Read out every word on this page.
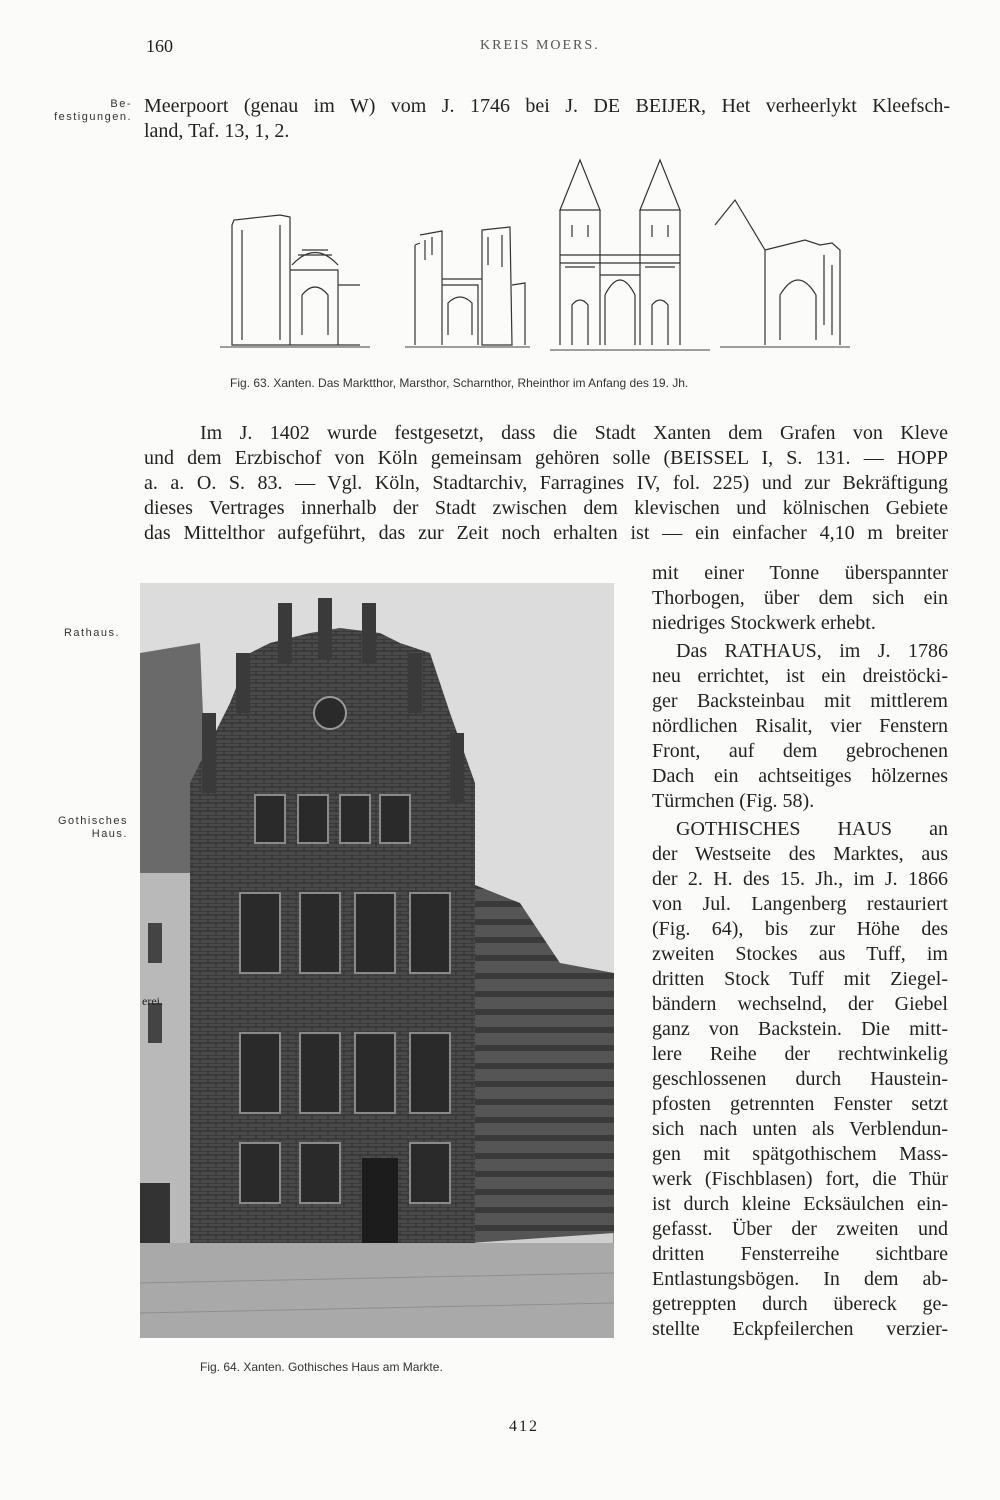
160	KREIS MOERS.
Be-
festigungen.
Rathaus.
Gothisches
Haus.
Meerpoort (genau im W) vom J. 1746 bei J. DE BEIJER, Het verheerlykt Kleefsch-
land, Taf. 13, 1, 2.
Fig. 63. Xanten. Das Marktthor, Marsthor, Scharnthor, Rheinthor im Anfang des 19. Jh.
Im J. 1402 wurde festgesetzt, dass die Stadt Xanten dem Grafen von Kleve
und dem Erzbischof von Köln gemeinsam gehören solle (BEISSEL I, S. 131. — HOPP
a. a. O. S. 83. — Vgl. Köln, Stadtarchiv, Farragines IV, fol. 225) und zur Bekräftigung
dieses Vertrages innerhalb der Stadt zwischen dem klevischen und kölnischen Gebiete
das Mittelthor aufgeführt, das zur Zeit noch erhalten ist — ein einfacher 4,10 m breiter
erei.
Fig. 64. Xanten. Gothisches Haus am Markte.
mit einer Tonne überspannter
Thorbogen, über dem sich ein
niedriges Stockwerk erhebt.
Das RATHAUS, im J. 1786
neu errichtet, ist ein dreistöcki-
ger Backsteinbau mit mittlerem
nördlichen Risalit, vier Fenstern
Front, auf dem gebrochenen
Dach ein achtseitiges hölzernes
Türmchen (Fig. 58).
GOTHISCHES HAUS an
der Westseite des Marktes, aus
der 2. H. des 15. Jh., im J. 1866
von Jul. Langenberg restauriert
(Fig. 64), bis zur Höhe des
zweiten Stockes aus Tuff, im
dritten Stock Tuff mit Ziegel-
bändern wechselnd, der Giebel
ganz von Backstein. Die mitt-
lere Reihe der rechtwinkelig
geschlossenen durch Haustein-
pfosten getrennten Fenster setzt
sich nach unten als Verblendun-
gen mit spätgothischem Mass-
werk (Fischblasen) fort, die Thür
ist durch kleine Ecksäulchen ein-
gefasst. Über der zweiten und
dritten Fensterreihe sichtbare
Entlastungsbögen. In dem ab-
getreppten durch übereck ge-
stellte Eckpfeilerchen verzier-
412
